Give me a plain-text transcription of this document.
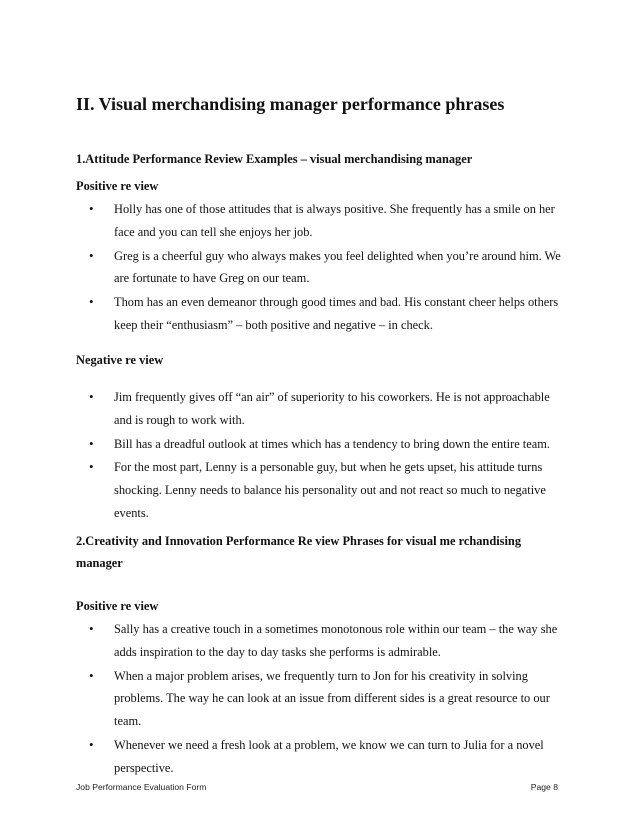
II. Visual merchandising manager performance phrases
1.Attitude Performance Review Examples – visual merchandising manager
Positive re view
• Holly has one of those attitudes that is always positive. She frequently has a smile on her face and you can tell she enjoys her job.
• Greg is a cheerful guy who always makes you feel delighted when you’re around him. We are fortunate to have Greg on our team.
• Thom has an even demeanor through good times and bad. His constant cheer helps others keep their “enthusiasm” – both positive and negative – in check.
Negative re view
• Jim frequently gives off “an air” of superiority to his coworkers. He is not approachable and is rough to work with.
• Bill has a dreadful outlook at times which has a tendency to bring down the entire team.
• For the most part, Lenny is a personable guy, but when he gets upset, his attitude turns shocking. Lenny needs to balance his personality out and not react so much to negative events.
2.Creativity and Innovation Performance Re view Phrases for visual me rchandising manager
Positive re view
• Sally has a creative touch in a sometimes monotonous role within our team – the way she adds inspiration to the day to day tasks she performs is admirable.
• When a major problem arises, we frequently turn to Jon for his creativity in solving problems. The way he can look at an issue from different sides is a great resource to our team.
• Whenever we need a fresh look at a problem, we know we can turn to Julia for a novel perspective.
Job Performance Evaluation Form	Page 8
